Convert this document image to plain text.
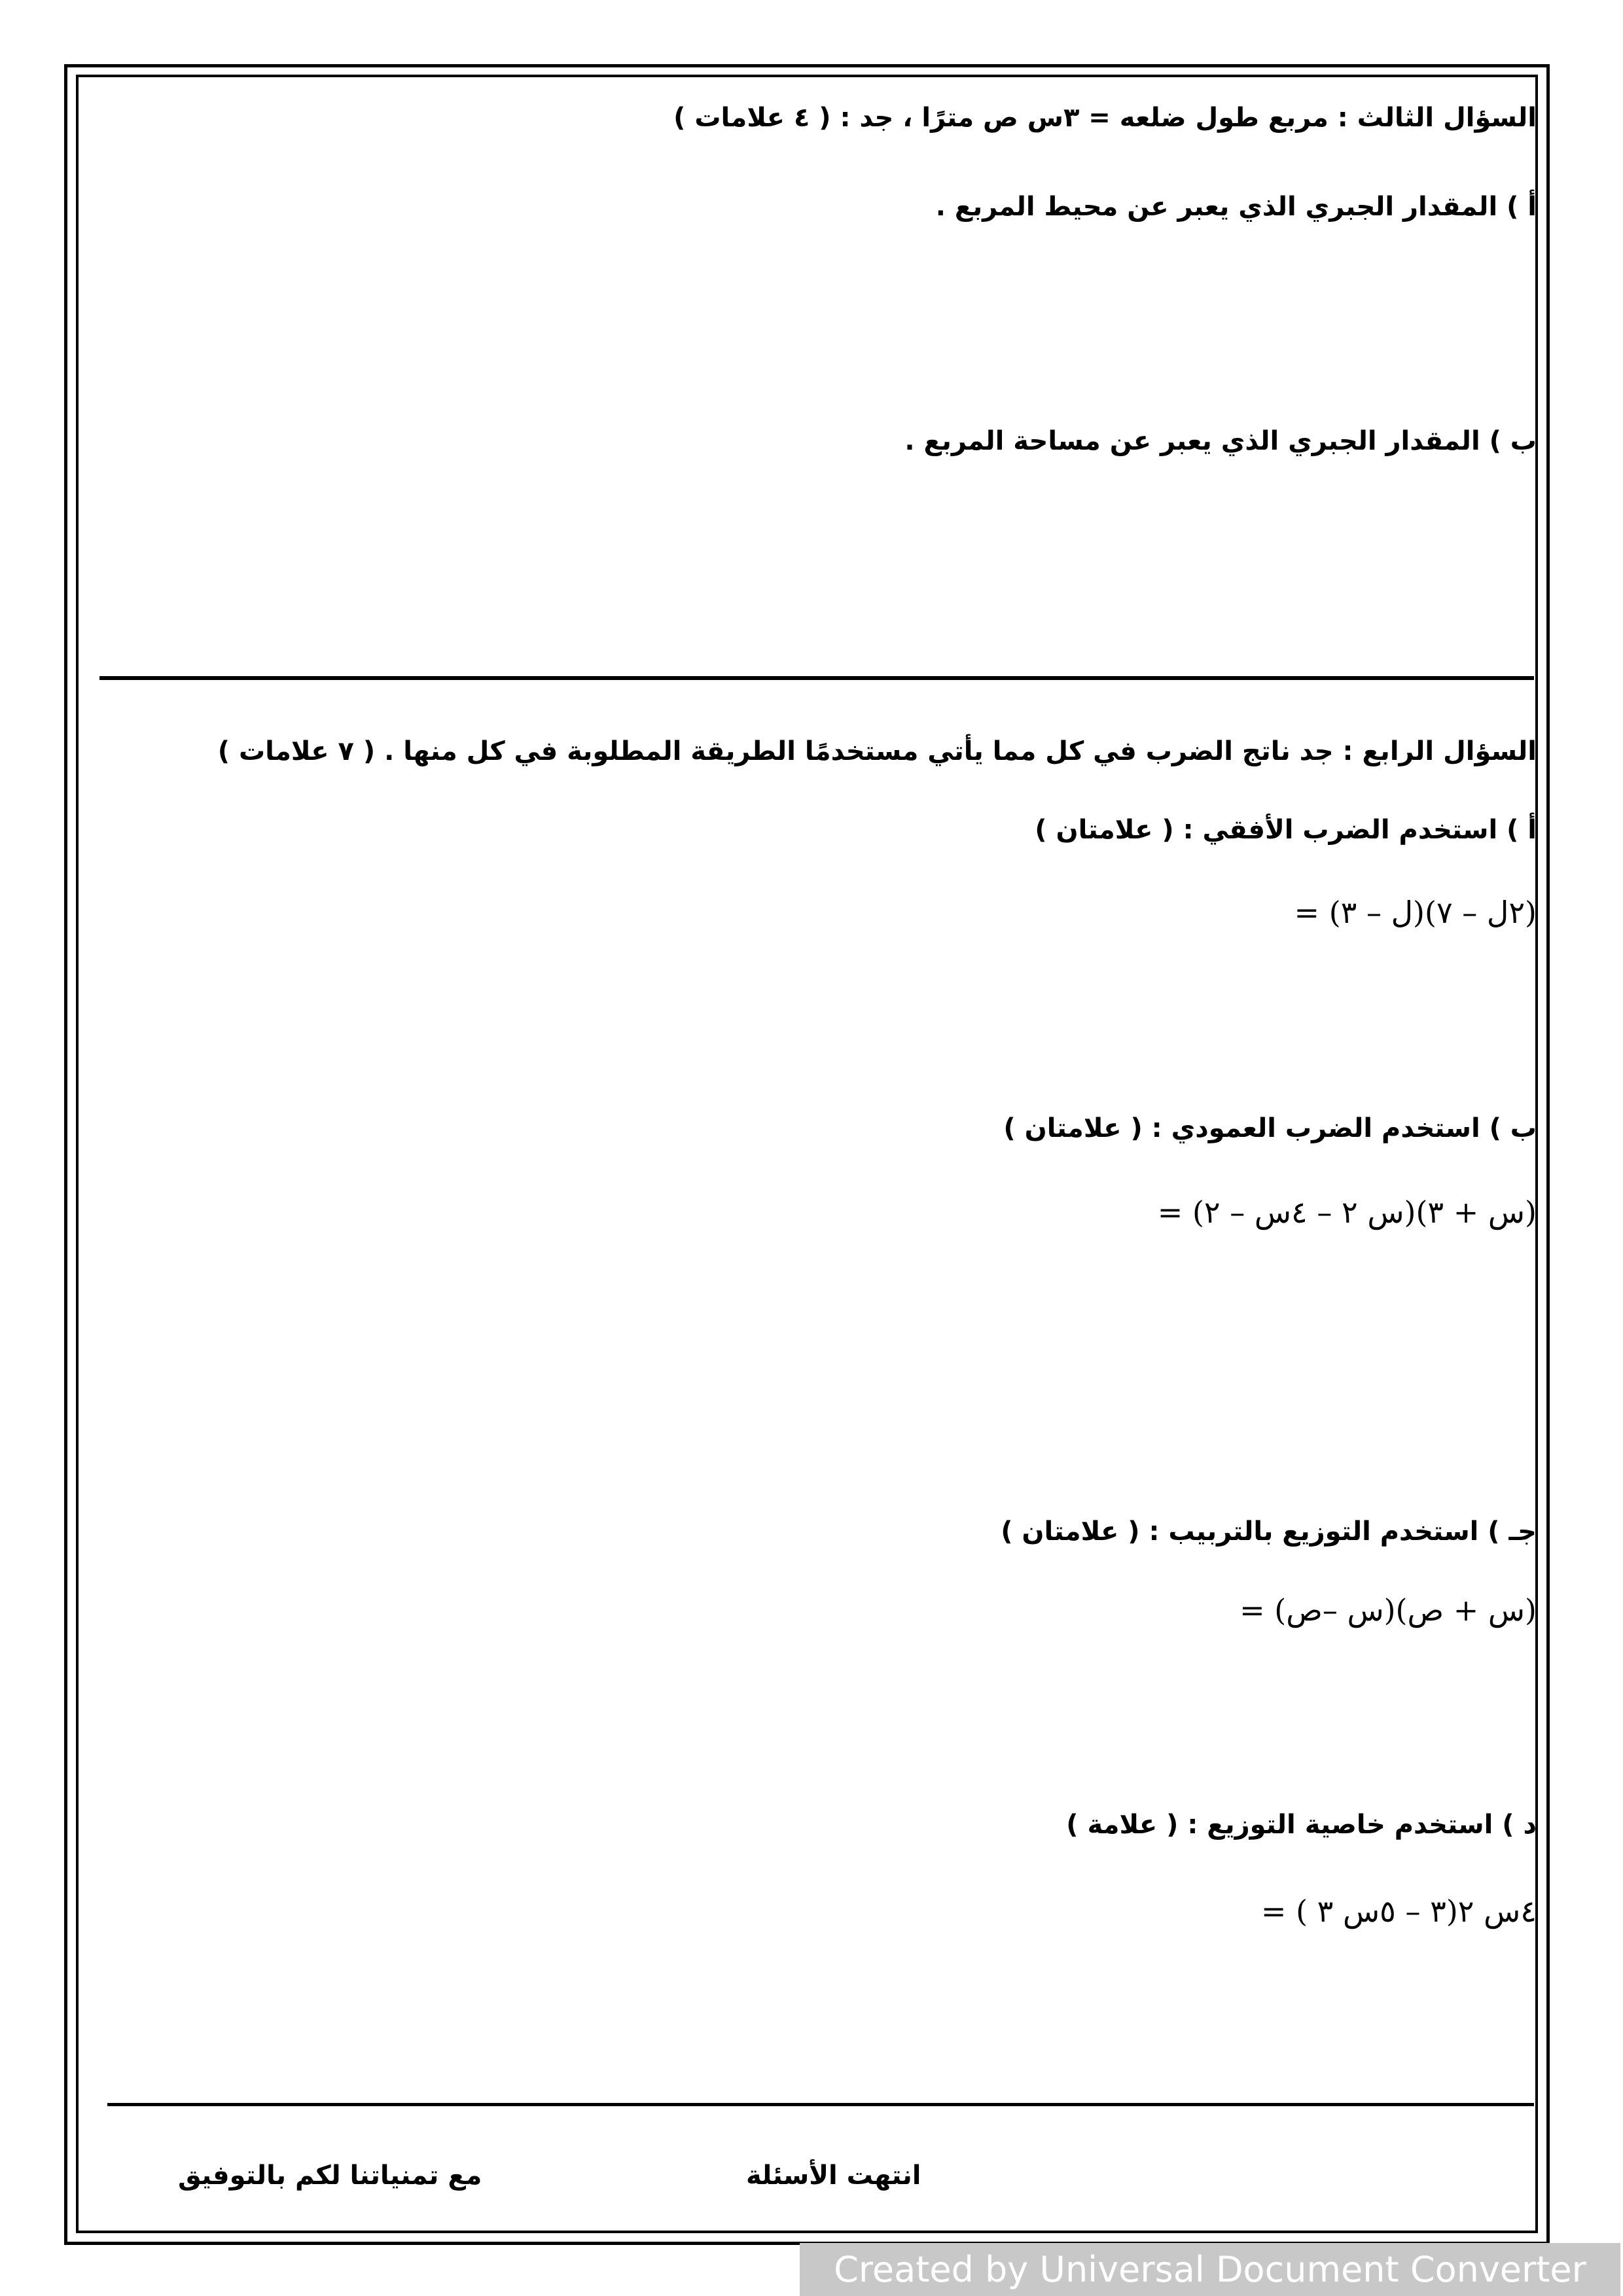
السؤال الثالث : مربع طول ضلعه = ٣س ص مترًا ، جد : ( ٤ علامات )
أ ) المقدار الجبري الذي يعبر عن محيط المربع .
ب ) المقدار الجبري الذي يعبر عن مساحة المربع .
السؤال الرابع : جد ناتج الضرب في كل مما يأتي مستخدمًا الطريقة المطلوبة في كل منها . ( ٧ علامات )
أ ) استخدم الضرب الأفقي : ( علامتان )
(٢ل – ٧)(ل – ٣) =
ب ) استخدم الضرب العمودي : ( علامتان )
(س + ٣)(س ٢ – ٤س – ٢) =
جـ ) استخدم التوزيع بالتربيب : ( علامتان )
(س + ص)(س –ص) =
د ) استخدم خاصية التوزيع : ( علامة )
٤س ٢(٣ – ٥س ٣ ) =
انتهت الأسئلة
مع تمنياتنا لكم بالتوفيق
Created by Universal Document Converter
